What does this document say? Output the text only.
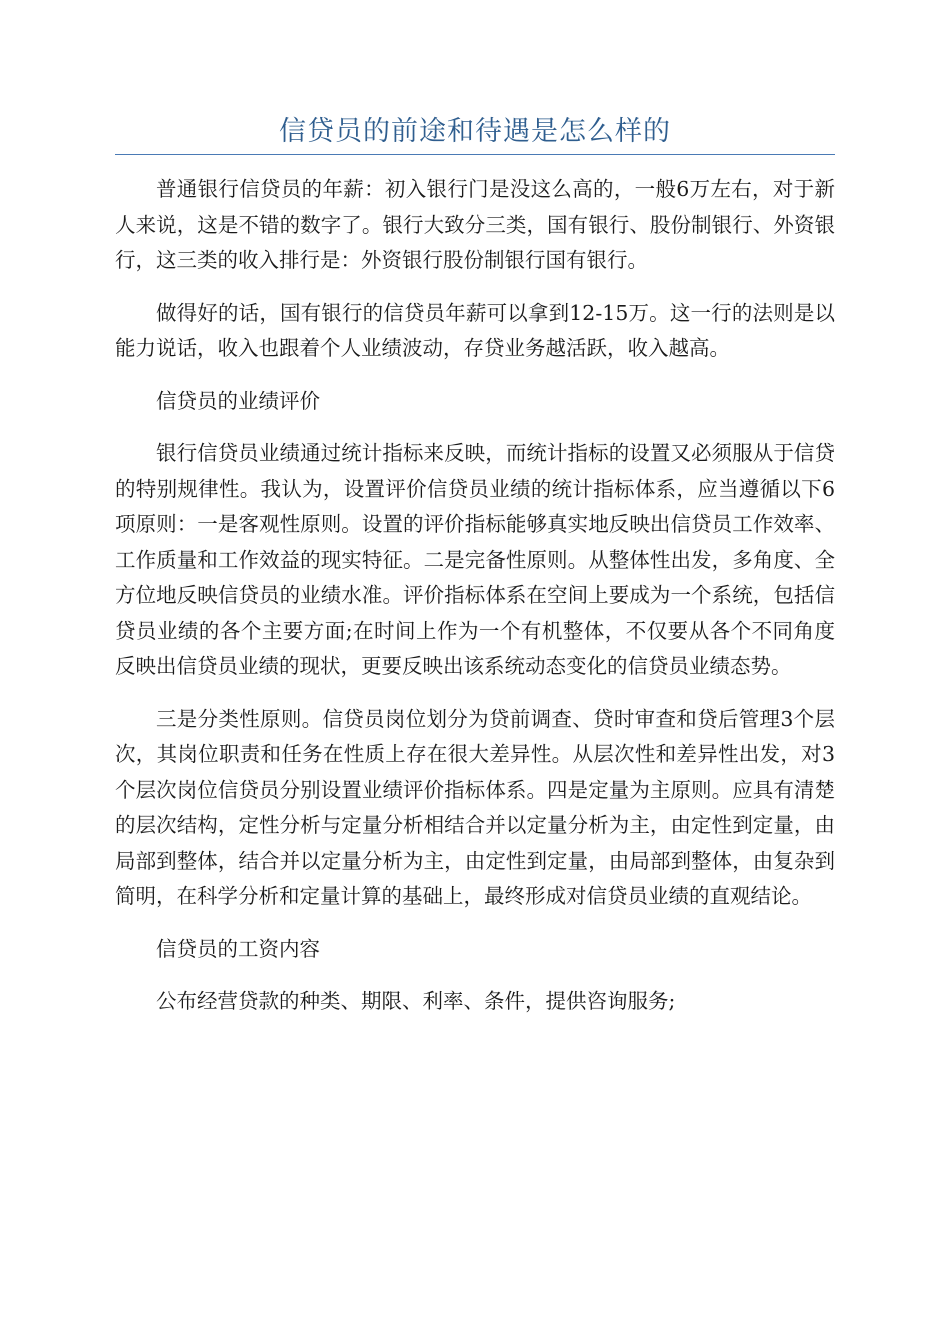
信贷员的前途和待遇是怎么样的

普通银行信贷员的年薪：初入银行门是没这么高的，一般6万左右，对于新人来说，这是不错的数字了。银行大致分三类，国有银行、股份制银行、外资银行，这三类的收入排行是：外资银行股份制银行国有银行。

做得好的话，国有银行的信贷员年薪可以拿到12-15万。这一行的法则是以能力说话，收入也跟着个人业绩波动，存贷业务越活跃，收入越高。

信贷员的业绩评价

银行信贷员业绩通过统计指标来反映，而统计指标的设置又必须服从于信贷的特别规律性。我认为，设置评价信贷员业绩的统计指标体系，应当遵循以下6项原则：一是客观性原则。设置的评价指标能够真实地反映出信贷员工作效率、工作质量和工作效益的现实特征。二是完备性原则。从整体性出发，多角度、全方位地反映信贷员的业绩水准。评价指标体系在空间上要成为一个系统，包括信贷员业绩的各个主要方面;在时间上作为一个有机整体，不仅要从各个不同角度反映出信贷员业绩的现状，更要反映出该系统动态变化的信贷员业绩态势。

三是分类性原则。信贷员岗位划分为贷前调查、贷时审查和贷后管理3个层次，其岗位职责和任务在性质上存在很大差异性。从层次性和差异性出发，对3个层次岗位信贷员分别设置业绩评价指标体系。四是定量为主原则。应具有清楚的层次结构，定性分析与定量分析相结合并以定量分析为主，由定性到定量，由局部到整体，结合并以定量分析为主，由定性到定量，由局部到整体，由复杂到简明，在科学分析和定量计算的基础上，最终形成对信贷员业绩的直观结论。

信贷员的工资内容

公布经营贷款的种类、期限、利率、条件，提供咨询服务;
